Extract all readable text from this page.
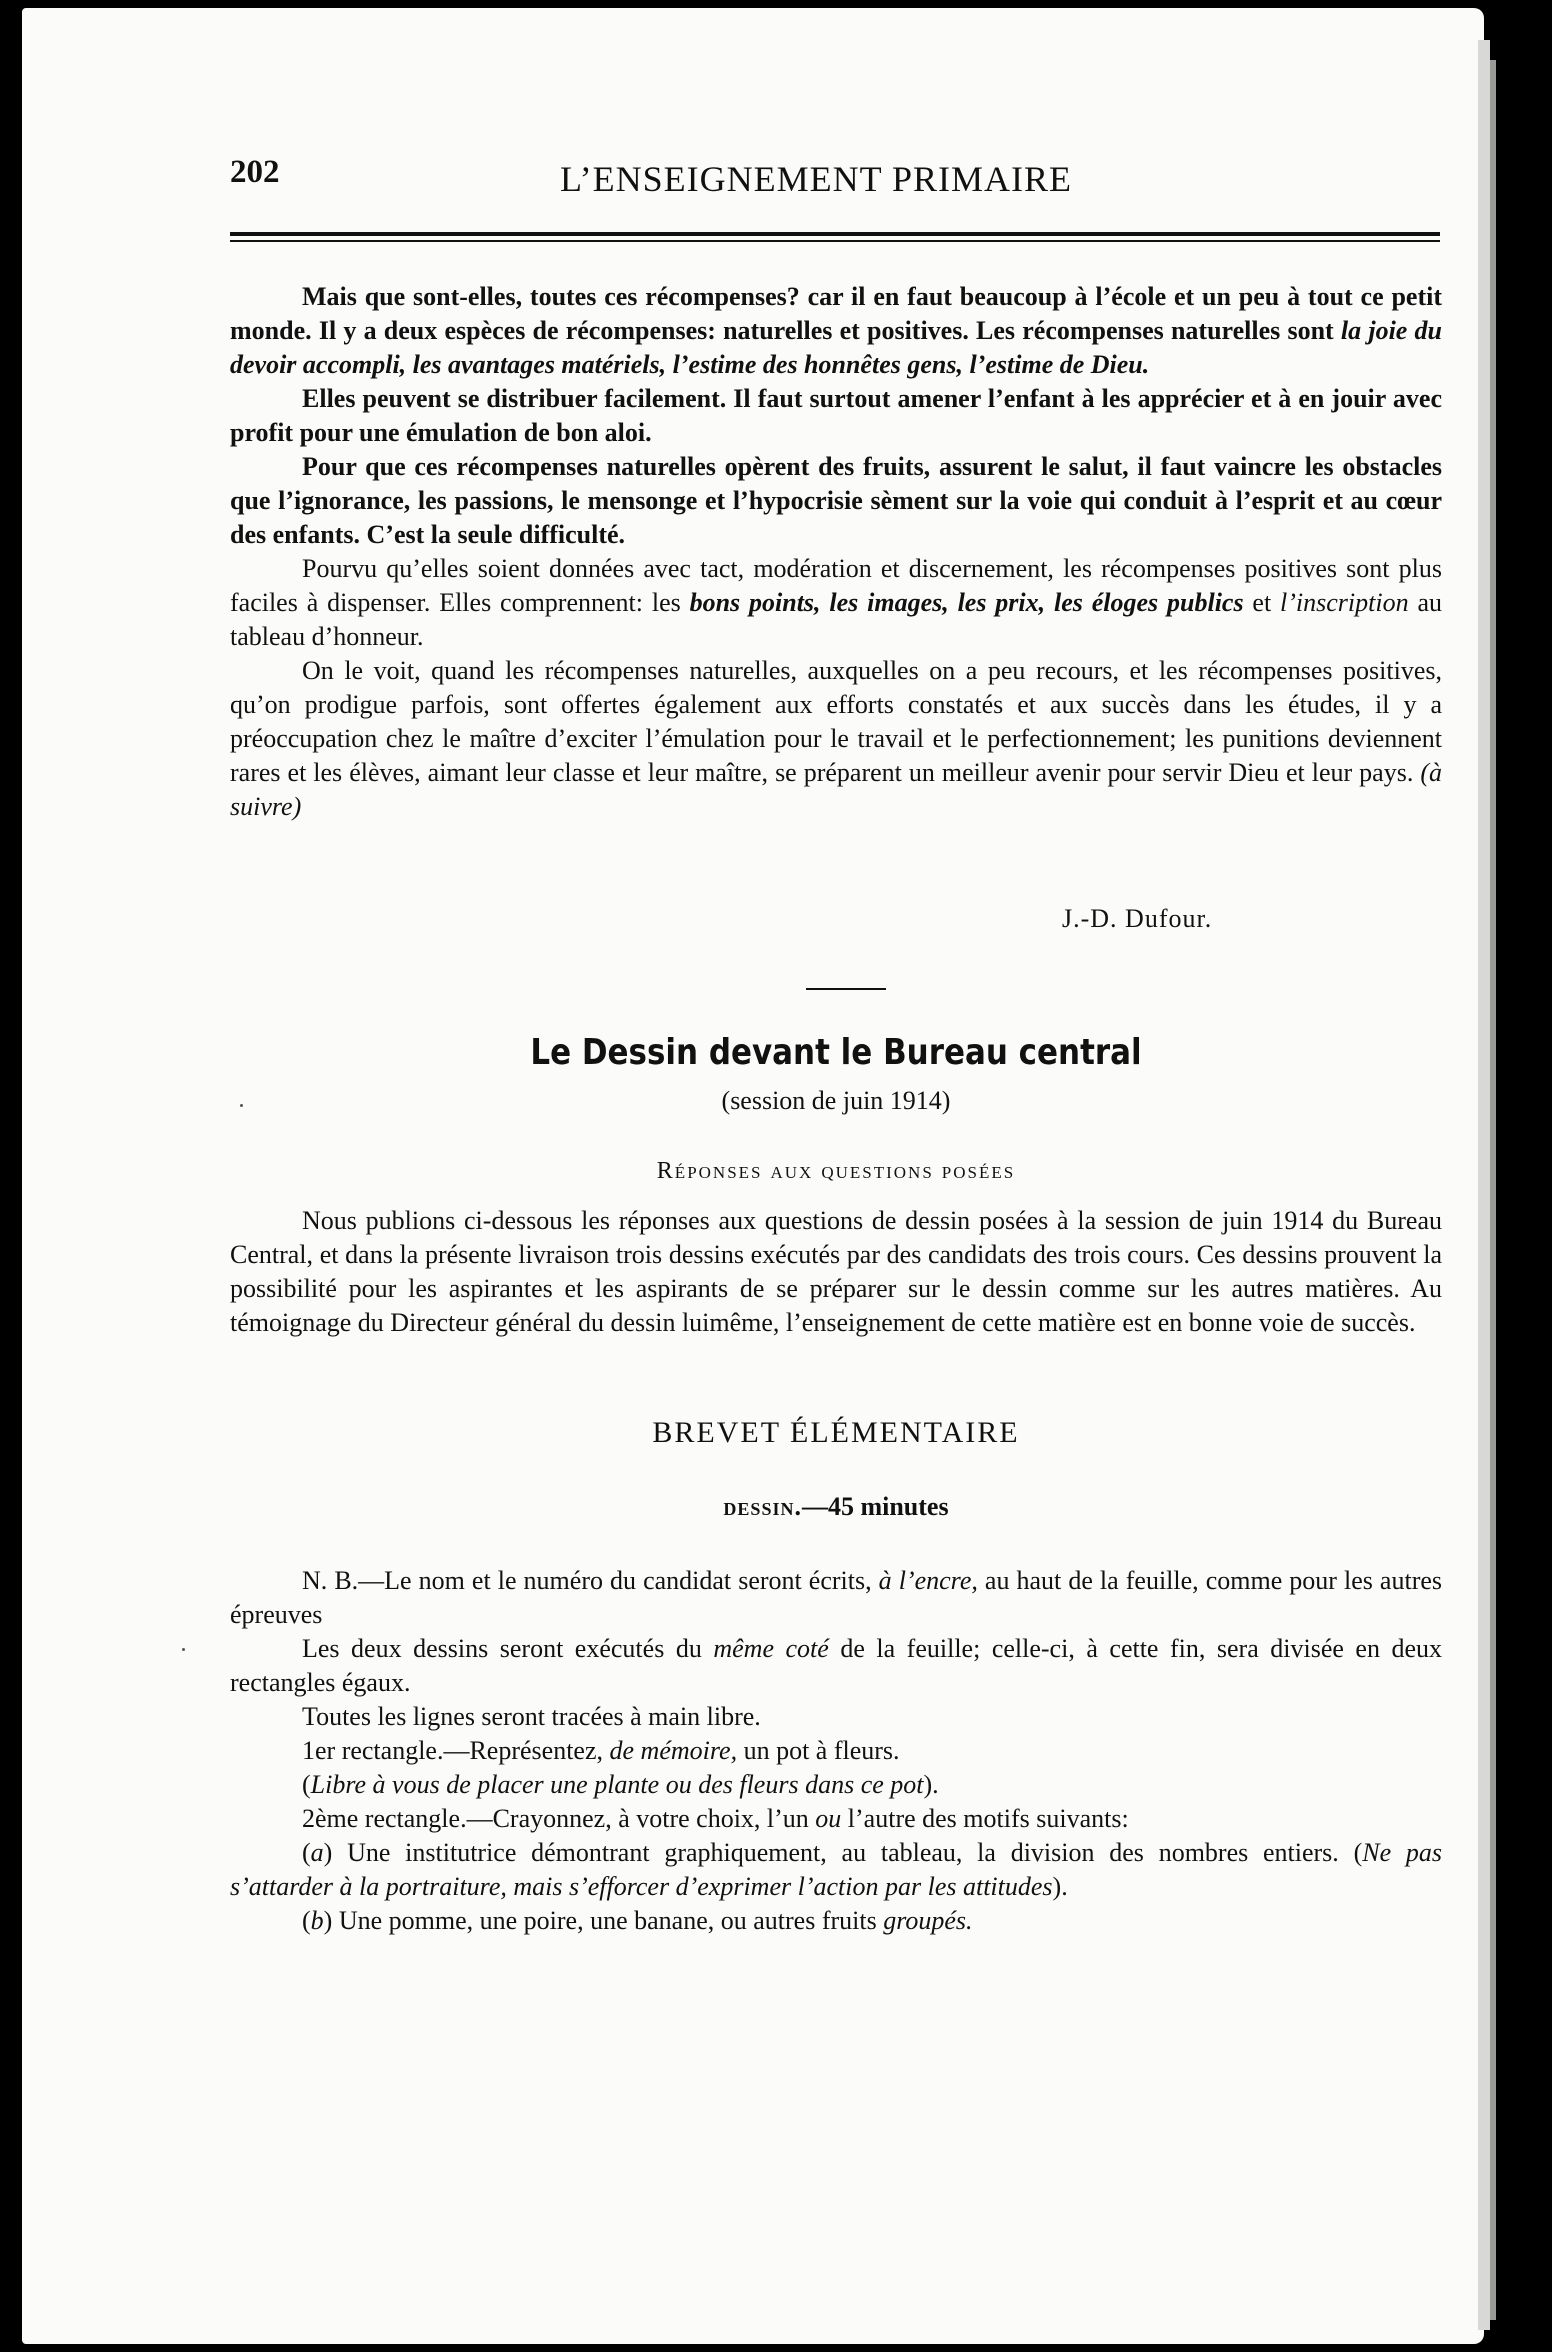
202	L’ENSEIGNEMENT PRIMAIRE

Mais que sont-elles, toutes ces récompenses? car il en faut beaucoup à l’école et un peu à tout ce petit monde. Il y a deux espèces de récompenses: naturelles et positives. Les récompenses naturelles sont la joie du devoir accompli, les avantages matériels, l’estime des honnêtes gens, l’estime de Dieu.

Elles peuvent se distribuer facilement. Il faut surtout amener l’enfant à les apprécier et à en jouir avec profit pour une émulation de bon aloi.

Pour que ces récompenses naturelles opèrent des fruits, assurent le salut, il faut vaincre les obstacles que l’ignorance, les passions, le mensonge et l’hypocrisie sèment sur la voie qui conduit à l’esprit et au cœur des enfants. C’est la seule difficulté.

Pourvu qu’elles soient données avec tact, modération et discernement, les récompenses positives sont plus faciles à dispenser. Elles comprennent: les bons points, les images, les prix, les éloges publics et l’inscription au tableau d’honneur.

On le voit, quand les récompenses naturelles, auxquelles on a peu recours, et les récompenses positives, qu’on prodigue parfois, sont offertes également aux efforts constatés et aux succès dans les études, il y a préoccupation chez le maître d’exciter l’émulation pour le travail et le perfectionnement; les punitions deviennent rares et les élèves, aimant leur classe et leur maître, se préparent un meilleur avenir pour servir Dieu et leur pays. (à suivre)

J.-D. Dufour.
Le Dessin devant le Bureau central
(session de juin 1914)
Réponses aux questions posées

Nous publions ci-dessous les réponses aux questions de dessin posées à la session de juin 1914 du Bureau Central, et dans la présente livraison trois dessins exécutés par des candidats des trois cours. Ces dessins prouvent la possibilité pour les aspirantes et les aspirants de se préparer sur le dessin comme sur les autres matières. Au témoignage du Directeur général du dessin luimême, l’enseignement de cette matière est en bonne voie de succès.

BREVET ÉLÉMENTAIRE
dessin.—45 minutes

N. B.—Le nom et le numéro du candidat seront écrits, à l’encre, au haut de la feuille, comme pour les autres épreuves

Les deux dessins seront exécutés du même coté de la feuille; celle-ci, à cette fin, sera divisée en deux rectangles égaux.

Toutes les lignes seront tracées à main libre.

1er rectangle.—Représentez, de mémoire, un pot à fleurs.

(Libre à vous de placer une plante ou des fleurs dans ce pot).

2ème rectangle.—Crayonnez, à votre choix, l’un ou l’autre des motifs suivants:

(a) Une institutrice démontrant graphiquement, au tableau, la division des nombres entiers. (Ne pas s’attarder à la portraiture, mais s’efforcer d’exprimer l’action par les attitudes).

(b) Une pomme, une poire, une banane, ou autres fruits groupés.
